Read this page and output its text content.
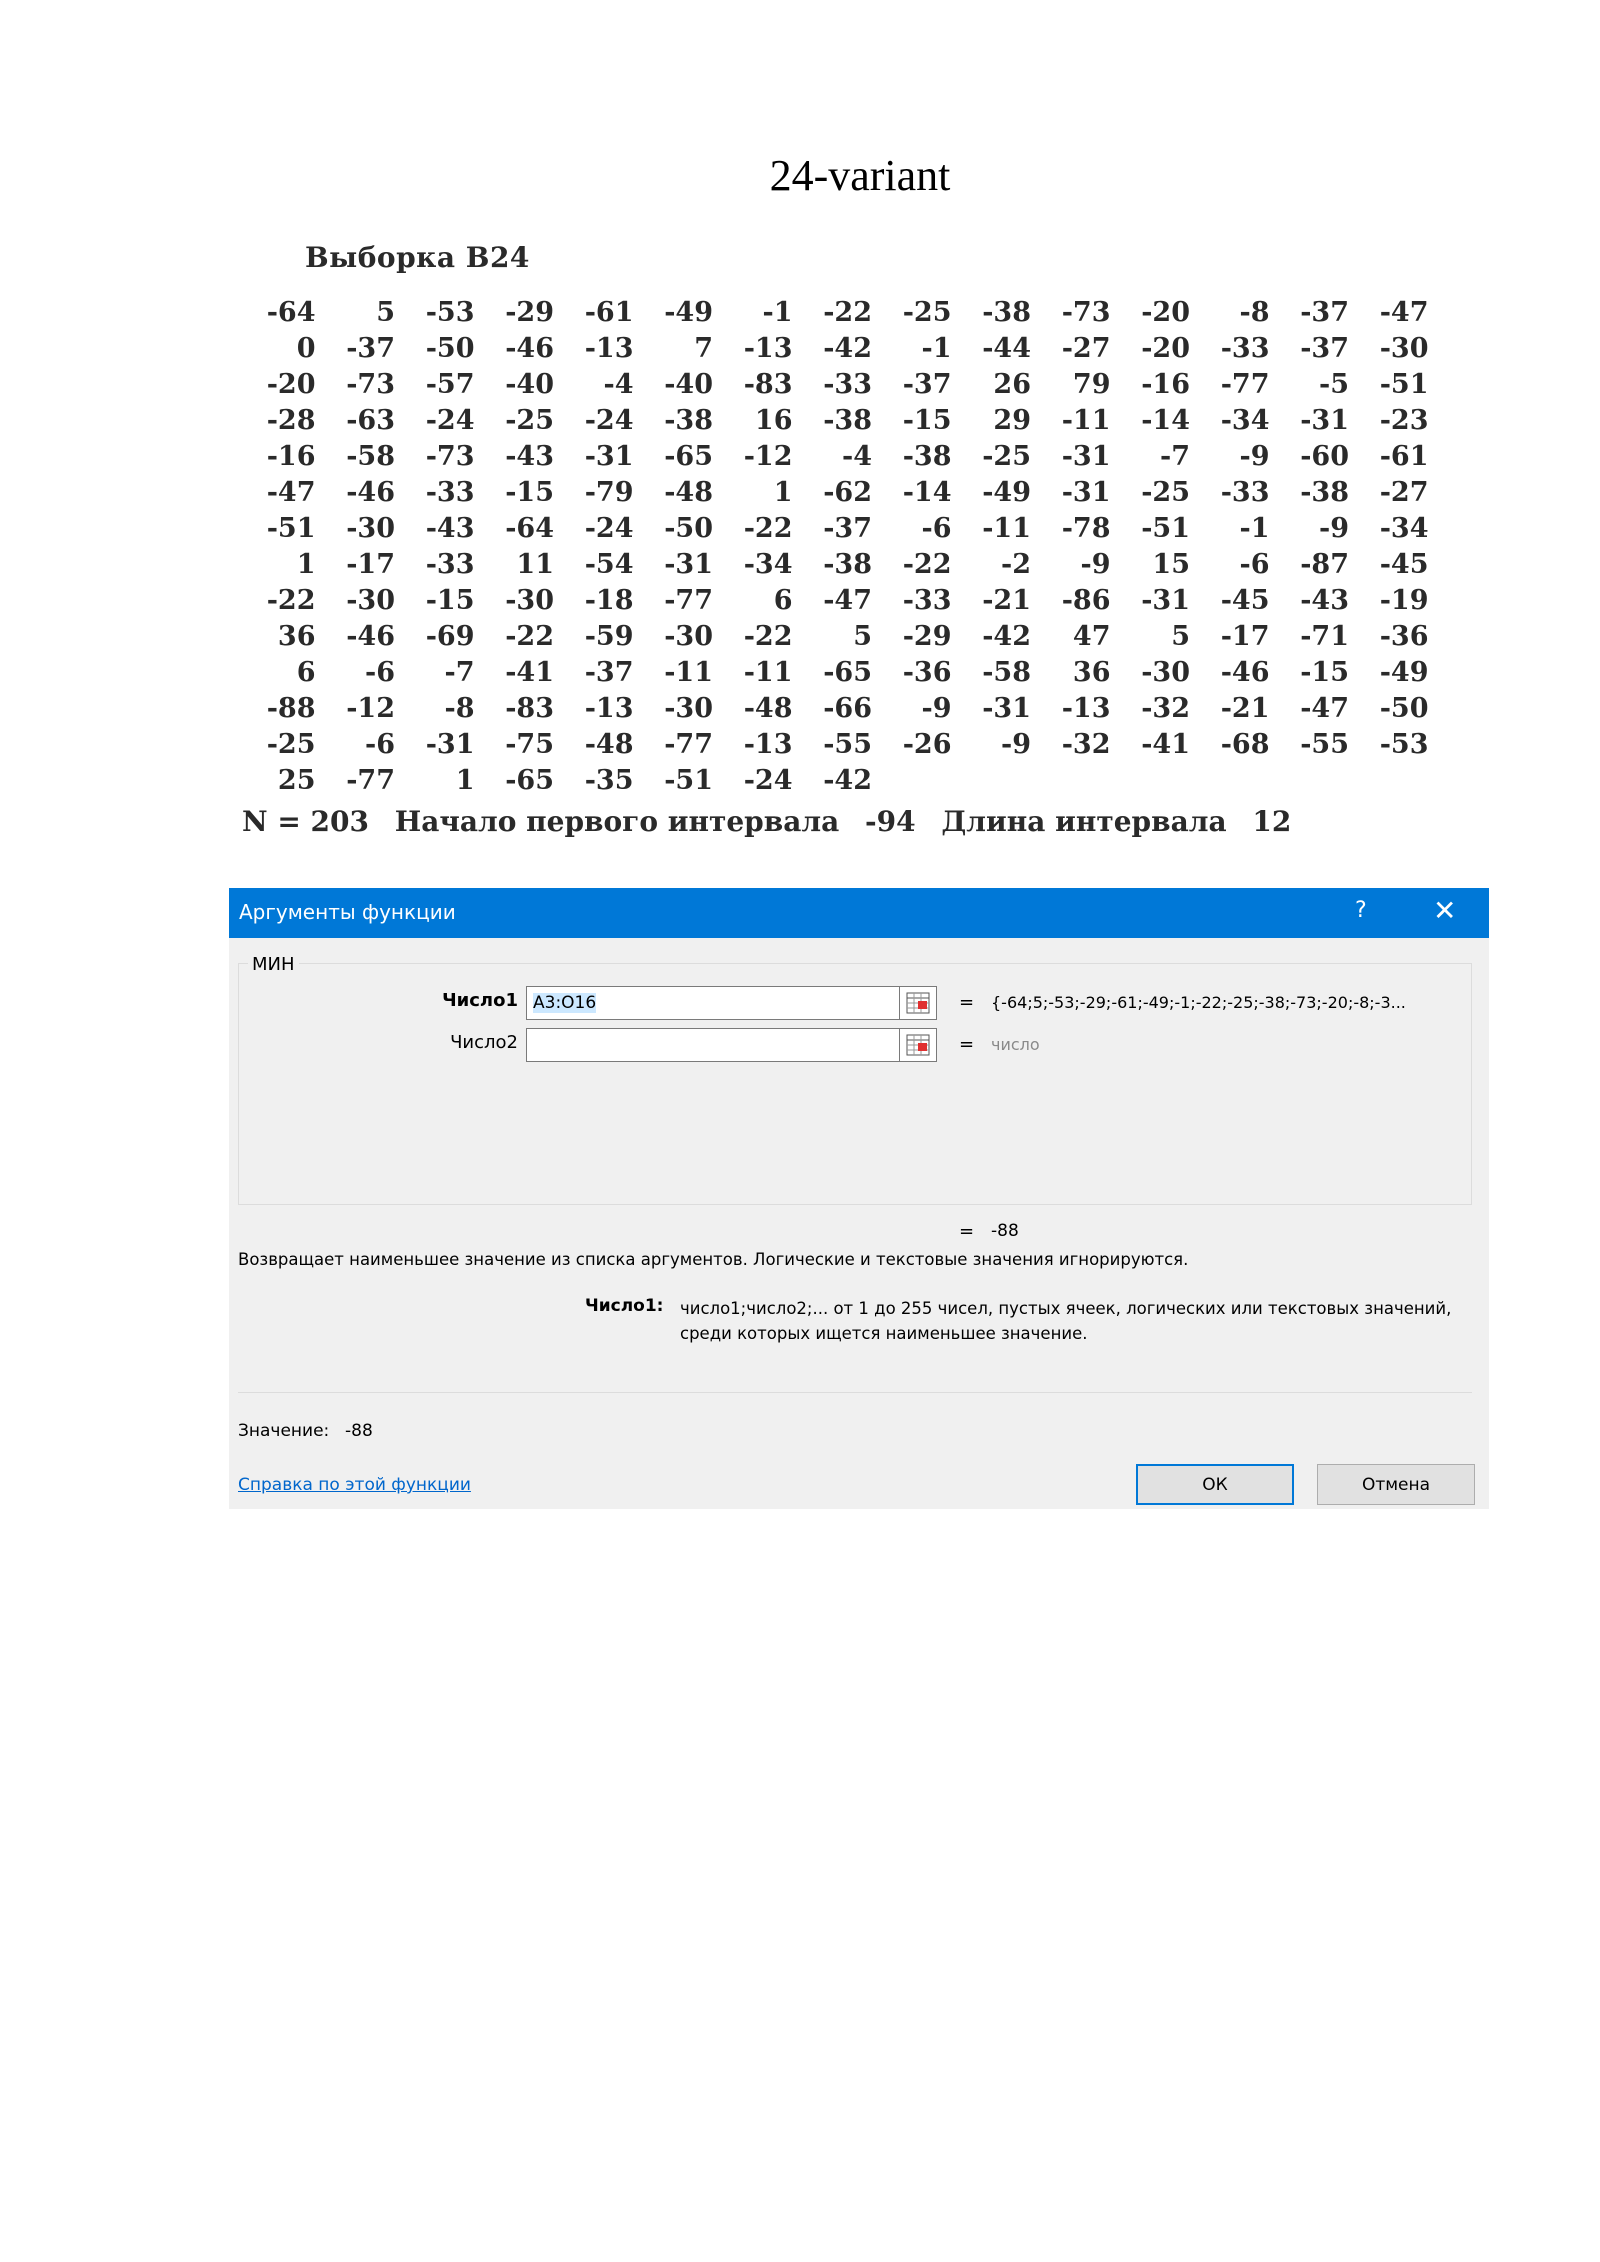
24-variant
Выборка В24
-64	5	-53	-29	-61	-49	-1	-22	-25	-38	-73	-20	-8	-37	-47
0	-37	-50	-46	-13	7	-13	-42	-1	-44	-27	-20	-33	-37	-30
-20	-73	-57	-40	-4	-40	-83	-33	-37	26	79	-16	-77	-5	-51
-28	-63	-24	-25	-24	-38	16	-38	-15	29	-11	-14	-34	-31	-23
-16	-58	-73	-43	-31	-65	-12	-4	-38	-25	-31	-7	-9	-60	-61
-47	-46	-33	-15	-79	-48	1	-62	-14	-49	-31	-25	-33	-38	-27
-51	-30	-43	-64	-24	-50	-22	-37	-6	-11	-78	-51	-1	-9	-34
1	-17	-33	11	-54	-31	-34	-38	-22	-2	-9	15	-6	-87	-45
-22	-30	-15	-30	-18	-77	6	-47	-33	-21	-86	-31	-45	-43	-19
36	-46	-69	-22	-59	-30	-22	5	-29	-42	47	5	-17	-71	-36
6	-6	-7	-41	-37	-11	-11	-65	-36	-58	36	-30	-46	-15	-49
-88	-12	-8	-83	-13	-30	-48	-66	-9	-31	-13	-32	-21	-47	-50
-25	-6	-31	-75	-48	-77	-13	-55	-26	-9	-32	-41	-68	-55	-53
25	-77	1	-65	-35	-51	-24	-42							
N = 203 Начало первого интервала -94 Длина интервала 12
Аргументы функции	? ✕
МИН
Число1 A3:O16	= {-64;5;-53;-29;-61;-49;-1;-22;-25;-38;-73;-20;-8;-3...
Число2	= число
= -88
Возвращает наименьшее значение из списка аргументов. Логические и текстовые значения игнорируются.
Число1: число1;число2;... от 1 до 255 чисел, пустых ячеек, логических или текстовых значений, среди которых ищется наименьшее значение.
Значение: -88
Справка по этой функции	ОК	Отмена
